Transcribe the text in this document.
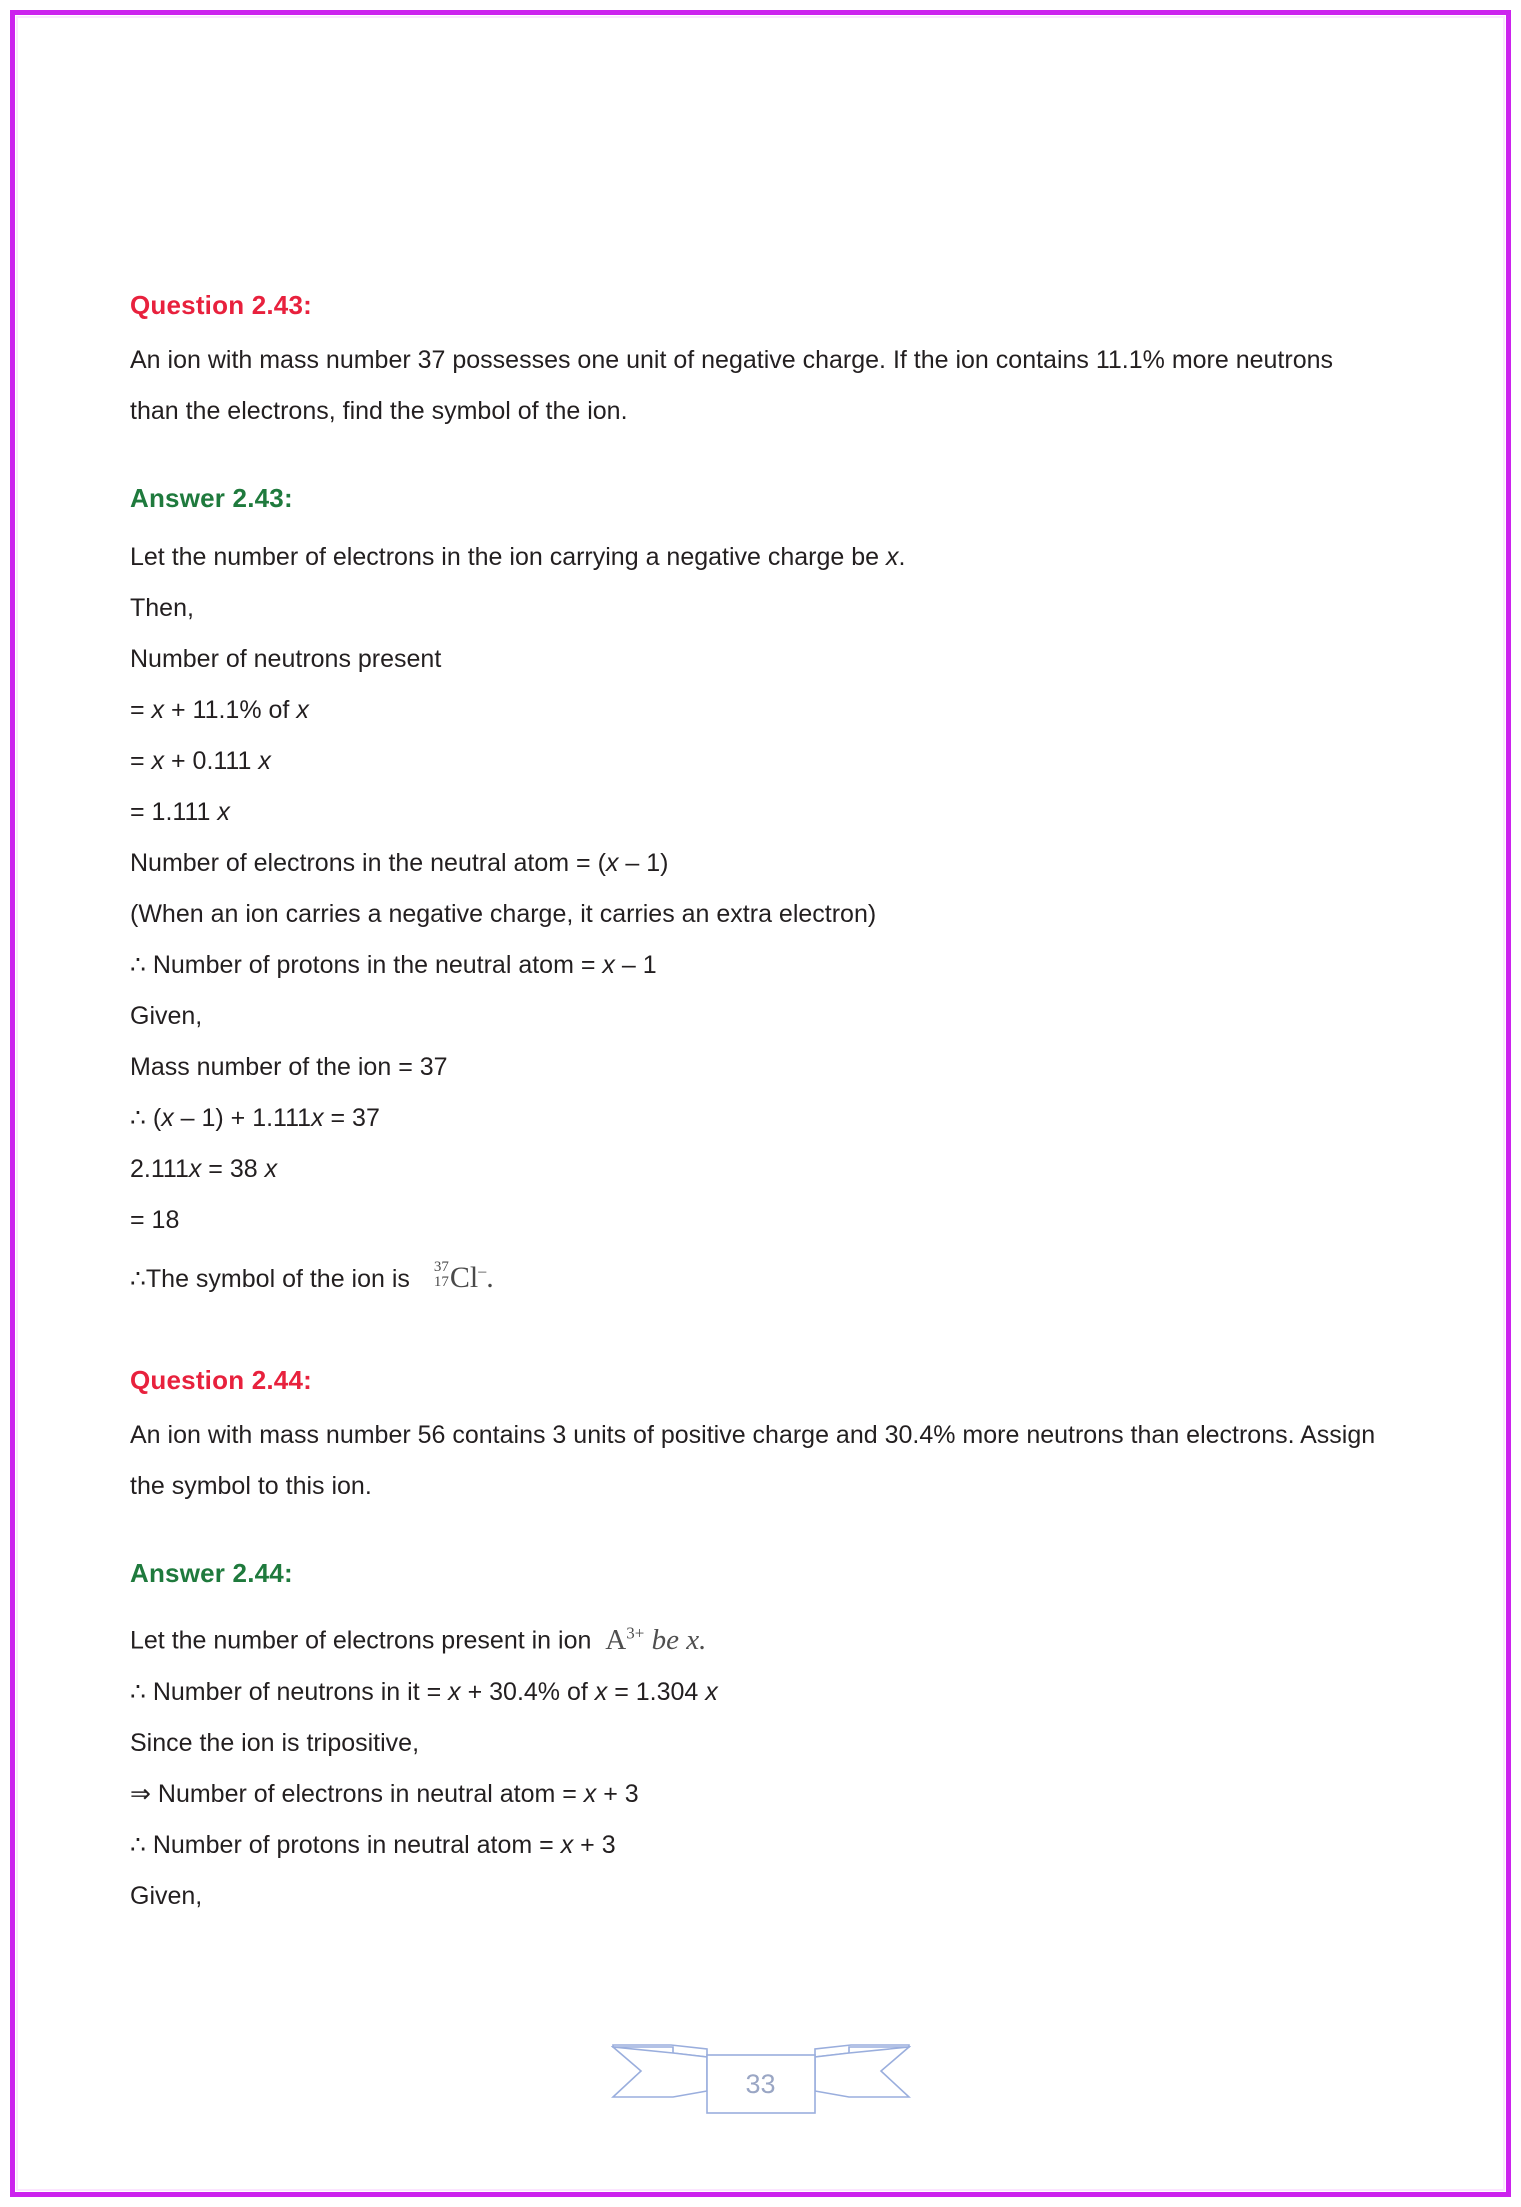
Question 2.43:

An ion with mass number 37 possesses one unit of negative charge. If the ion contains 11.1% more neutrons than the electrons, find the symbol of the ion.

Answer 2.43:

Let the number of electrons in the ion carrying a negative charge be x.

Then,

Number of neutrons present

= x + 11.1% of x

= x + 0.111 x

= 1.111 x

Number of electrons in the neutral atom = (x – 1)

(When an ion carries a negative charge, it carries an extra electron)

∴ Number of protons in the neutral atom = x – 1

Given,

Mass number of the ion = 37

∴ (x – 1) + 1.111x = 37

2.111x = 38 x

= 18

∴The symbol of the ion is 37
17 Cl–.

Question 2.44:

An ion with mass number 56 contains 3 units of positive charge and 30.4% more neutrons than electrons. Assign the symbol to this ion.

Answer 2.44:

Let the number of electrons present in ion $A^{3+}$ be x.

∴ Number of neutrons in it = x + 30.4% of x = 1.304 x

Since the ion is tripositive,

⇒ Number of electrons in neutral atom = x + 3

∴ Number of protons in neutral atom = x + 3

Given,

33
